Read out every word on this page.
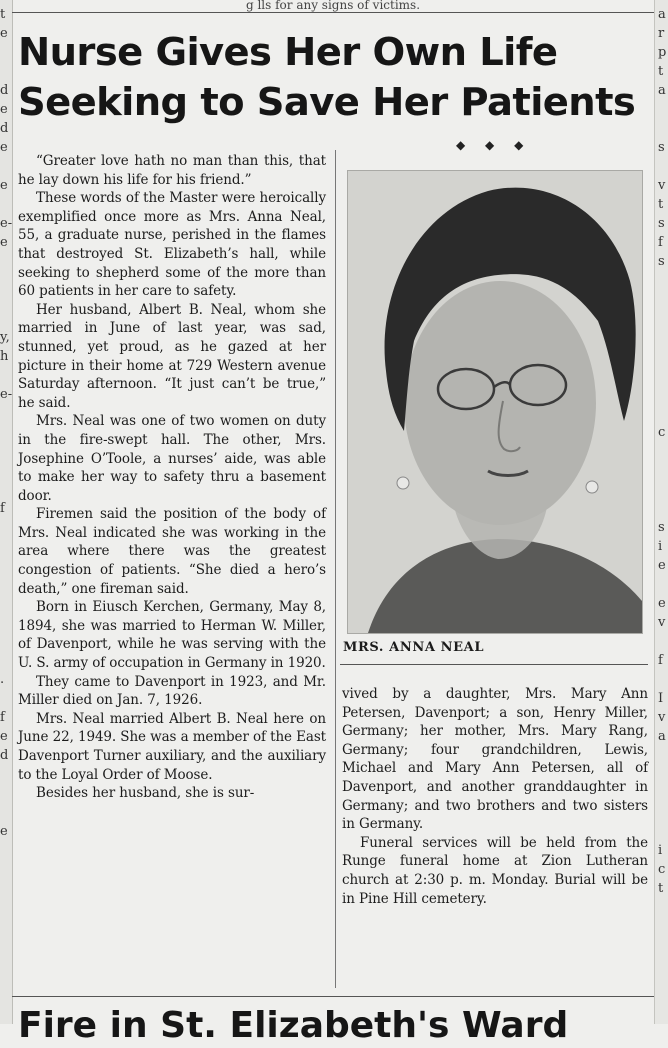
t
e
d
e
d
e
e
e-
e
y,
h
e-
f
.
f
e
d
e
a
r
p
t
a
s
v
t
s
f
s
c
s
i
e
e
v
f
I
v
a
i
c
t
g lls for any signs of victims.
Nurse Gives Her Own Life
Seeking to Save Her Patients
◆ ◆ ◆

“Greater love hath no man than this, that he lay down his life for his friend.”

These words of the Master were heroically exemplified once more as Mrs. Anna Neal, 55, a graduate nurse, perished in the flames that destroyed St. Elizabeth’s hall, while seeking to shepherd some of the more than 60 patients in her care to safety.

Her husband, Albert B. Neal, whom she married in June of last year, was sad, stunned, yet proud, as he gazed at her picture in their home at 729 Western avenue Saturday afternoon. “It just can’t be true,” he said.

Mrs. Neal was one of two women on duty in the fire-swept hall. The other, Mrs. Josephine O’Toole, a nurses’ aide, was able to make her way to safety thru a basement door.

Firemen said the position of the body of Mrs. Neal indicated she was working in the area where there was the greatest congestion of patients. “She died a hero’s death,” one fireman said.

Born in Eiusch Kerchen, Germany, May 8, 1894, she was married to Herman W. Miller, of Davenport, while he was serving with the U. S. army of occupation in Germany in 1920.

They came to Davenport in 1923, and Mr. Miller died on Jan. 7, 1926.

Mrs. Neal married Albert B. Neal here on June 22, 1949. She was a member of the East Davenport Turner auxiliary, and the auxiliary to the Loyal Order of Moose.

Besides her husband, she is sur-

MRS. ANNA NEAL

vived by a daughter, Mrs. Mary Ann Petersen, Davenport; a son, Henry Miller, Germany; her mother, Mrs. Mary Rang, Germany; four grandchildren, Lewis, Michael and Mary Ann Petersen, all of Davenport, and another granddaughter in Germany; and two brothers and two sisters in Germany.

Funeral services will be held from the Runge funeral home at Zion Lutheran church at 2:30 p. m. Monday. Burial will be in Pine Hill cemetery.

Fire in St. Elizabeth's Ward
